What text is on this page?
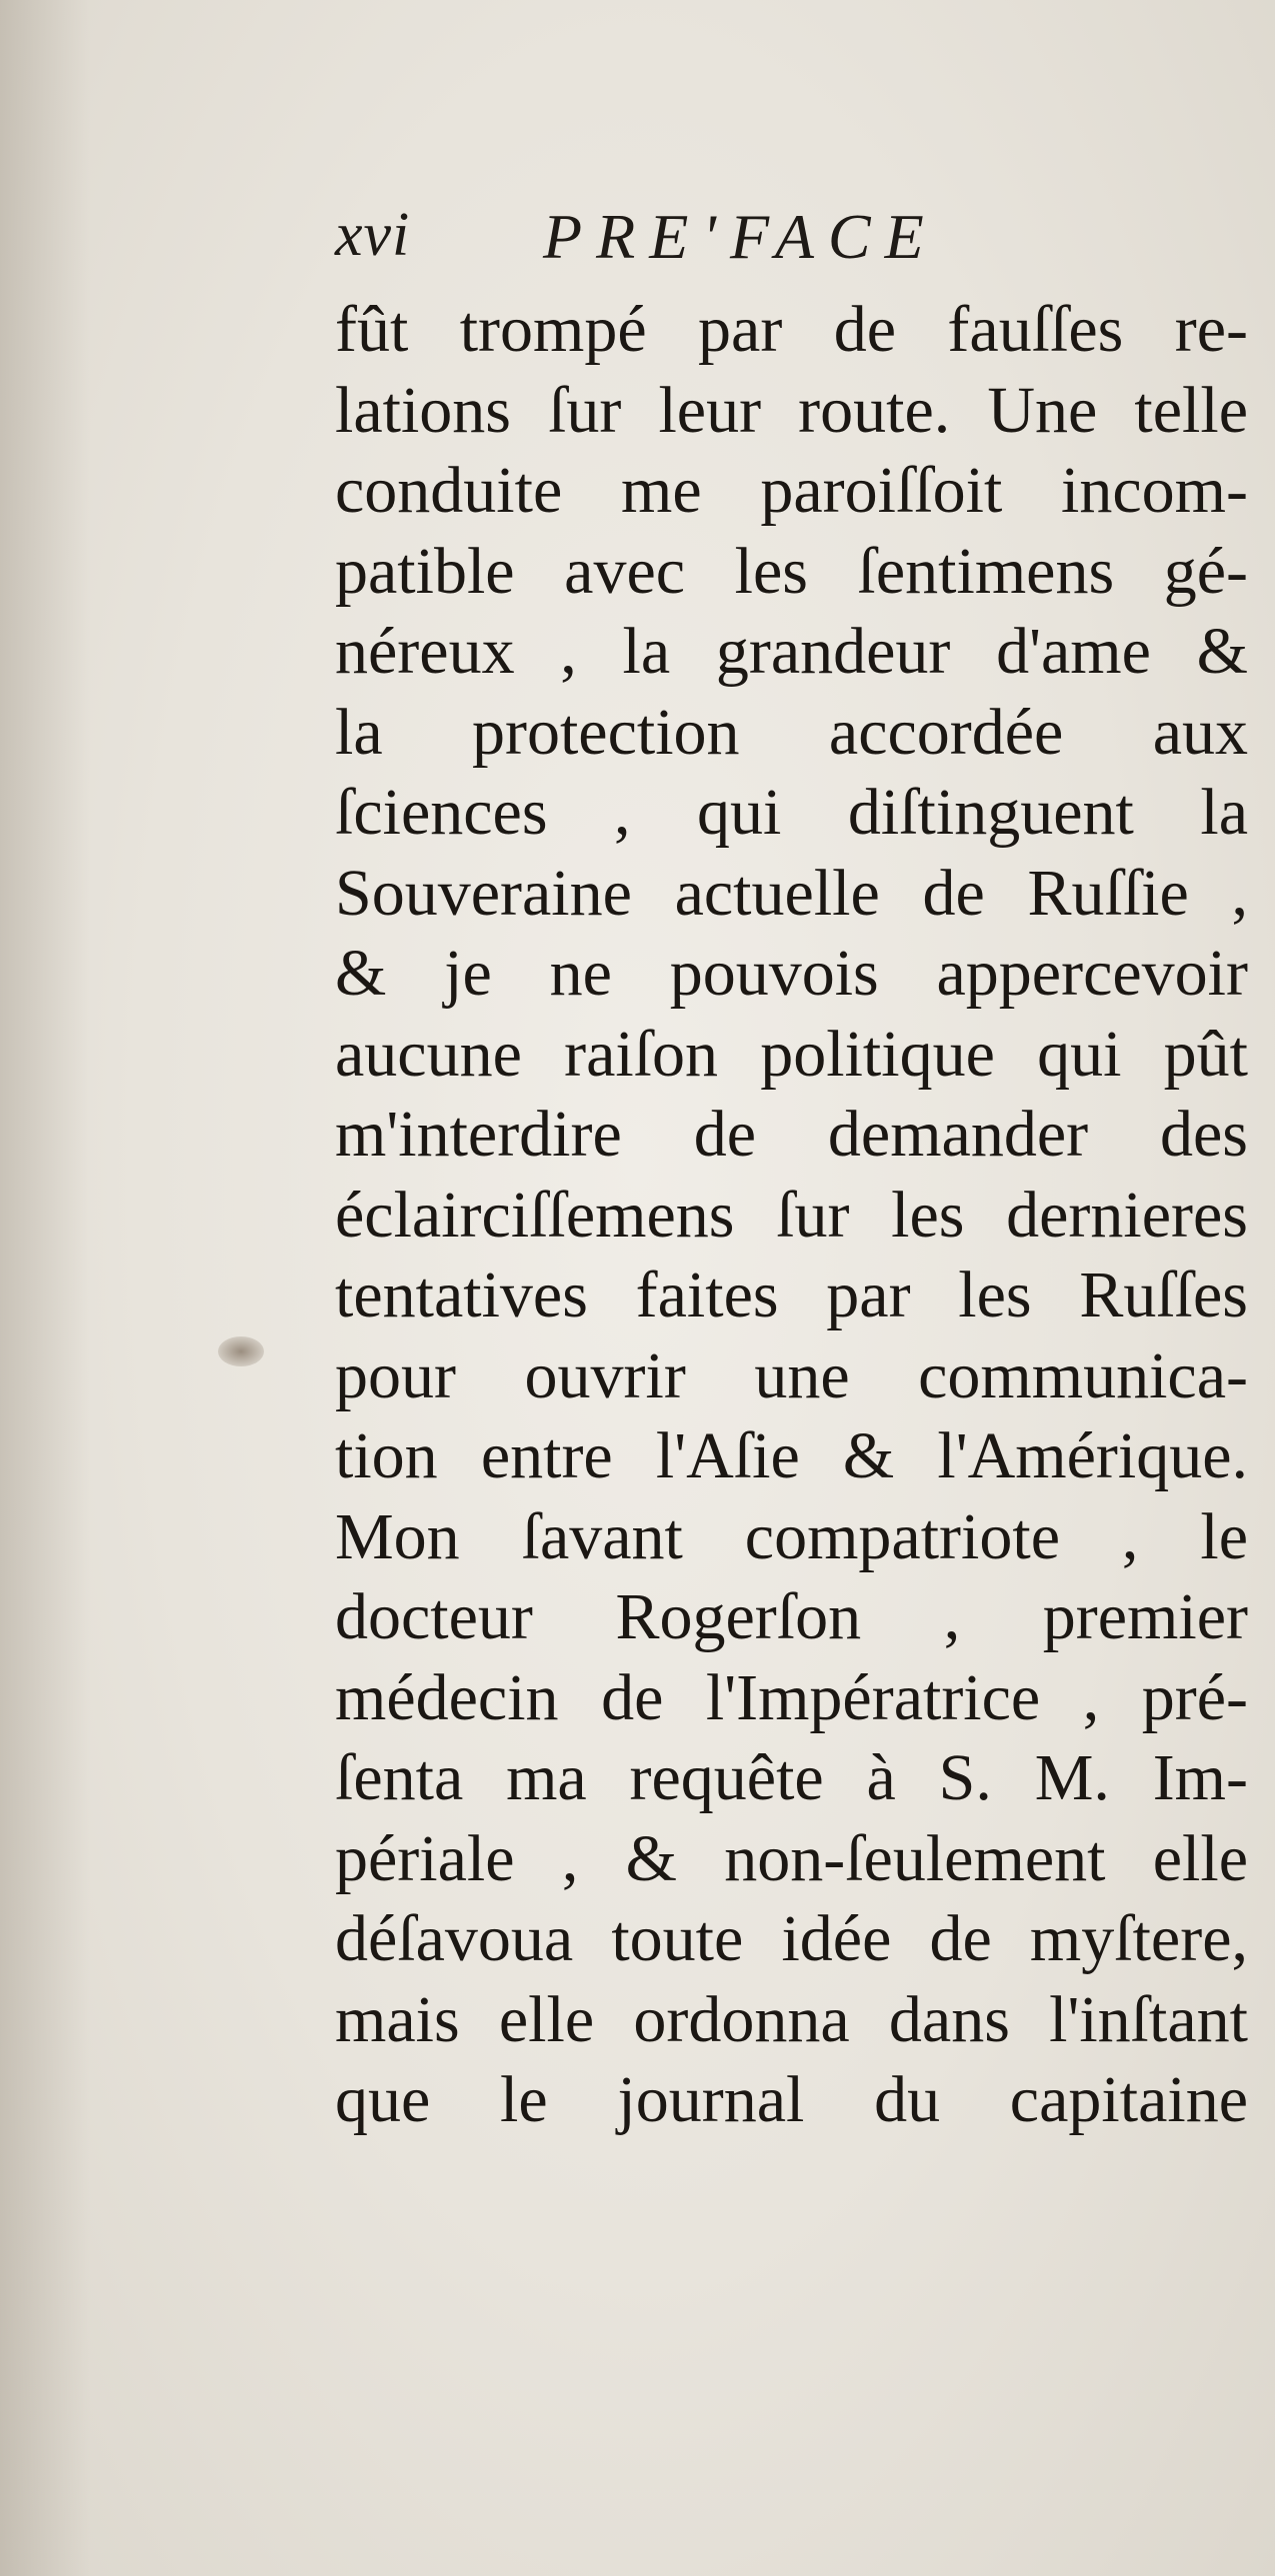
xvi PRE'FACE
fût trompé par de fauſſes re-
lations ſur leur route. Une telle
conduite me paroiſſoit incom-
patible avec les ſentimens gé-
néreux , la grandeur d'ame &
la protection accordée aux
ſciences , qui diſtinguent la
Souveraine actuelle de Ruſſie ,
& je ne pouvois appercevoir
aucune raiſon politique qui pût
m'interdire de demander des
éclairciſſemens ſur les dernieres
tentatives faites par les Ruſſes
pour ouvrir une communica-
tion entre l'Aſie & l'Amérique.
Mon ſavant compatriote , le
docteur Rogerſon , premier
médecin de l'Impératrice , pré-
ſenta ma requête à S. M. Im-
périale , & non-ſeulement elle
déſavoua toute idée de myſtere,
mais elle ordonna dans l'inſtant
que le journal du capitaine
